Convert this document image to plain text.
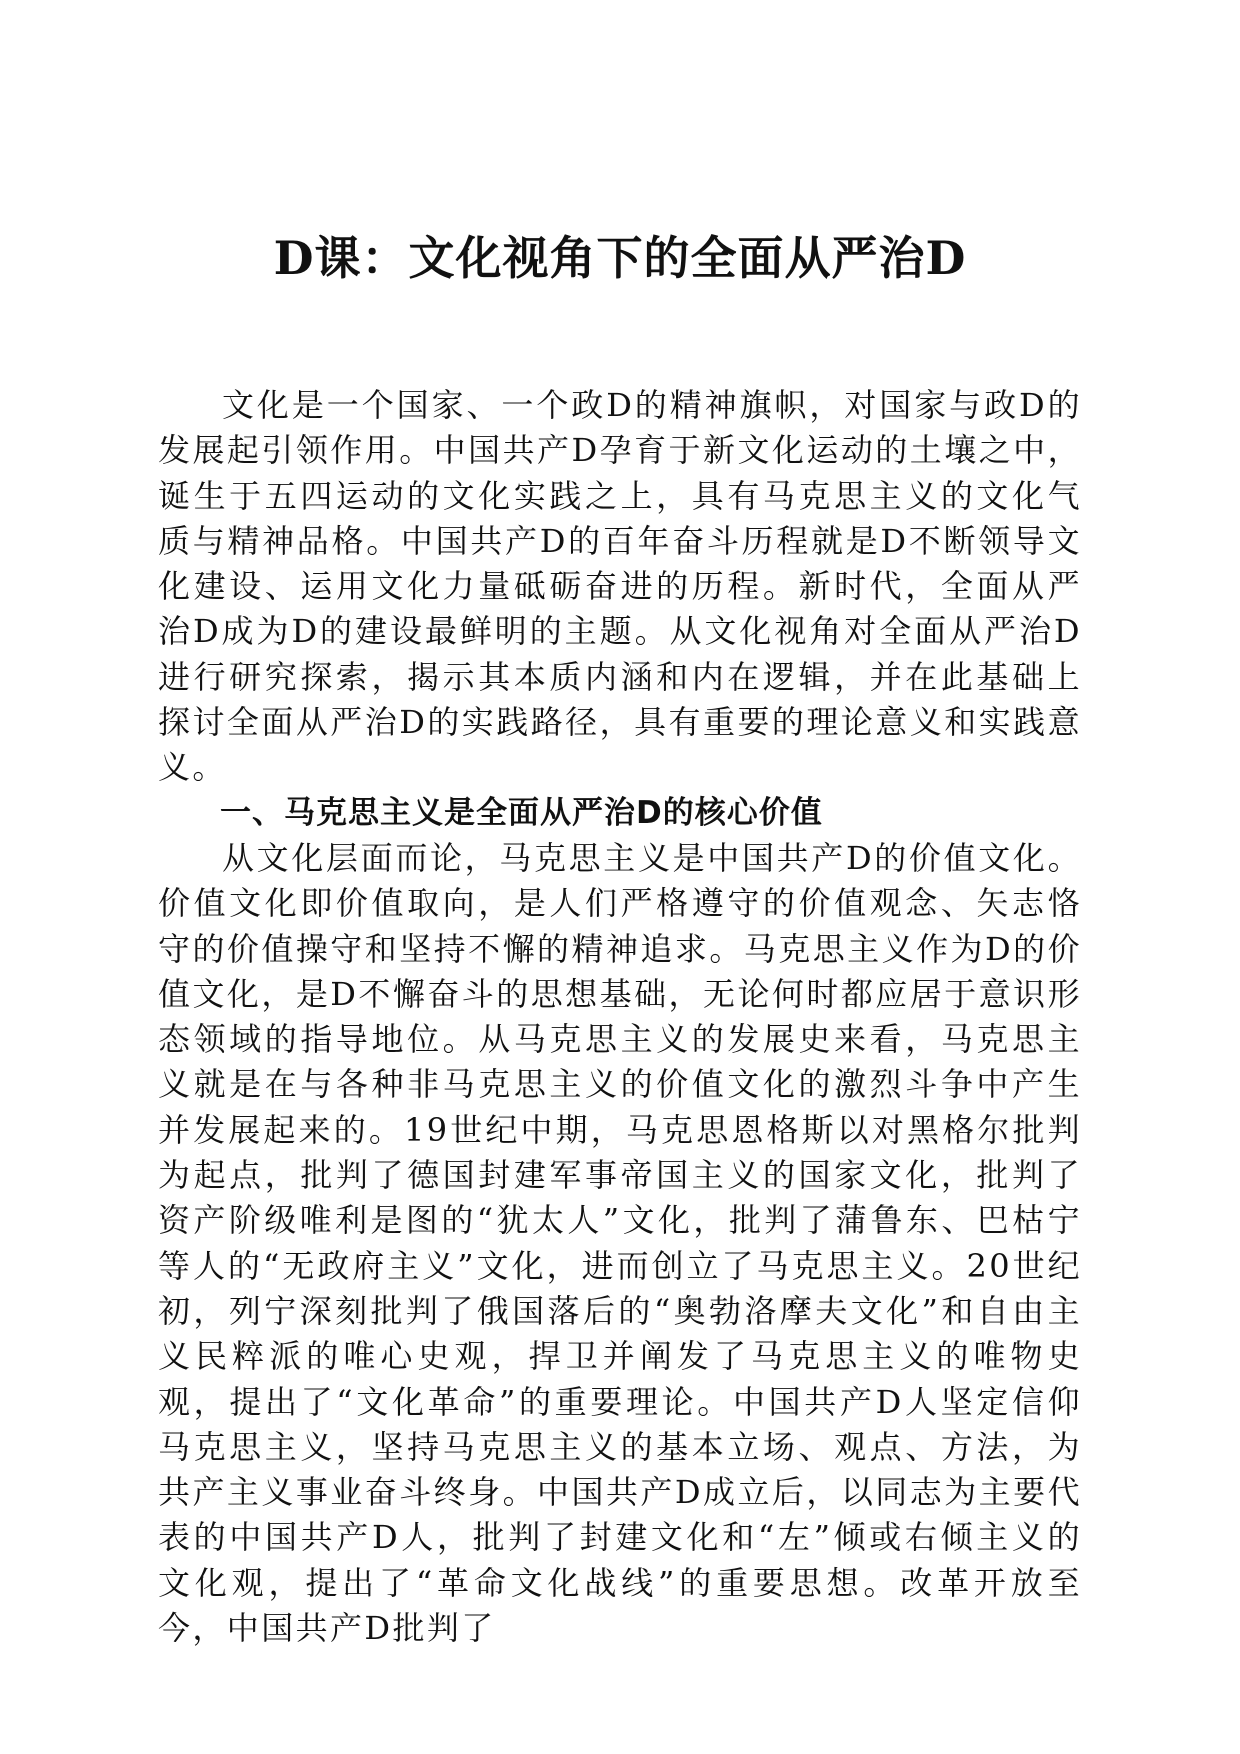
D课：文化视角下的全面从严治D

文化是一个国家、一个政D的精神旗帜，对国家与政D的发展起引领作用。中国共产D孕育于新文化运动的土壤之中，诞生于五四运动的文化实践之上，具有马克思主义的文化气质与精神品格。中国共产D的百年奋斗历程就是D不断领导文化建设、运用文化力量砥砺奋进的历程。新时代，全面从严治D成为D的建设最鲜明的主题。从文化视角对全面从严治D进行研究探索，揭示其本质内涵和内在逻辑，并在此基础上探讨全面从严治D的实践路径，具有重要的理论意义和实践意义。

一、马克思主义是全面从严治D的核心价值

从文化层面而论，马克思主义是中国共产D的价值文化。价值文化即价值取向，是人们严格遵守的价值观念、矢志恪守的价值操守和坚持不懈的精神追求。马克思主义作为D的价值文化，是D不懈奋斗的思想基础，无论何时都应居于意识形态领域的指导地位。从马克思主义的发展史来看，马克思主义就是在与各种非马克思主义的价值文化的激烈斗争中产生并发展起来的。19世纪中期，马克思恩格斯以对黑格尔批判为起点，批判了德国封建军事帝国主义的国家文化，批判了资产阶级唯利是图的“犹太人”文化，批判了蒲鲁东、巴枯宁等人的“无政府主义”文化，进而创立了马克思主义。20世纪初，列宁深刻批判了俄国落后的“奥勃洛摩夫文化”和自由主义民粹派的唯心史观，捍卫并阐发了马克思主义的唯物史观，提出了“文化革命”的重要理论。中国共产D人坚定信仰马克思主义，坚持马克思主义的基本立场、观点、方法，为共产主义事业奋斗终身。中国共产D成立后，以同志为主要代表的中国共产D人，批判了封建文化和“左”倾或右倾主义的文化观，提出了“革命文化战线”的重要思想。改革开放至今，中国共产D批判了
